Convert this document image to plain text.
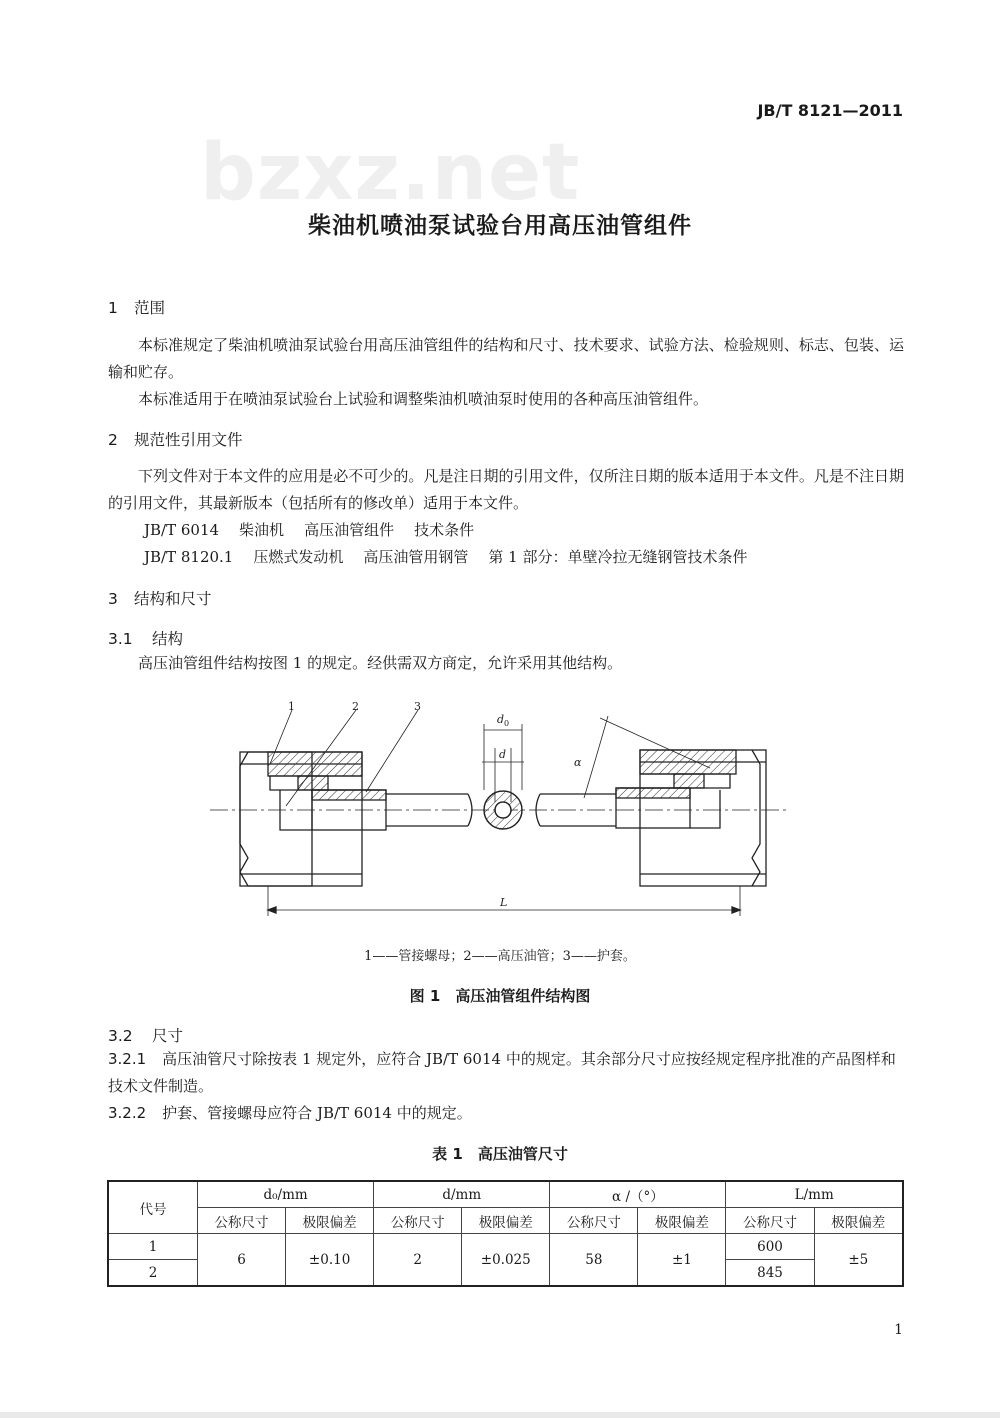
bzxz.net
JB/T 8121—2011
柴油机喷油泵试验台用高压油管组件
1 范围
本标准规定了柴油机喷油泵试验台用高压油管组件的结构和尺寸、技术要求、试验方法、检验规则、标志、包装、运输和贮存。
本标准适用于在喷油泵试验台上试验和调整柴油机喷油泵时使用的各种高压油管组件。
2 规范性引用文件
下列文件对于本文件的应用是必不可少的。凡是注日期的引用文件，仅所注日期的版本适用于本文件。凡是不注日期的引用文件，其最新版本（包括所有的修改单）适用于本文件。
JB/T 6014 柴油机 高压油管组件 技术条件
JB/T 8120.1 压燃式发动机 高压油管用钢管 第 1 部分：单壁冷拉无缝钢管技术条件
3 结构和尺寸
3.1 结构
高压油管组件结构按图 1 的规定。经供需双方商定，允许采用其他结构。
1	2	3
$d_0$
d
α
L
1——管接螺母；2——高压油管；3——护套。
图 1　高压油管组件结构图
3.2 尺寸
3.2.1 高压油管尺寸除按表 1 规定外，应符合 JB/T 6014 中的规定。其余部分尺寸应按经规定程序批准的产品图样和技术文件制造。
3.2.2 护套、管接螺母应符合 JB/T 6014 中的规定。
表 1　高压油管尺寸
代号	d₀/mm		d/mm		α /（°）		L/mm	
	公称尺寸	极限偏差	公称尺寸	极限偏差	公称尺寸	极限偏差	公称尺寸	极限偏差
1	6	±0.10	2	±0.025	58	±1	600	±5
2							845	
1
